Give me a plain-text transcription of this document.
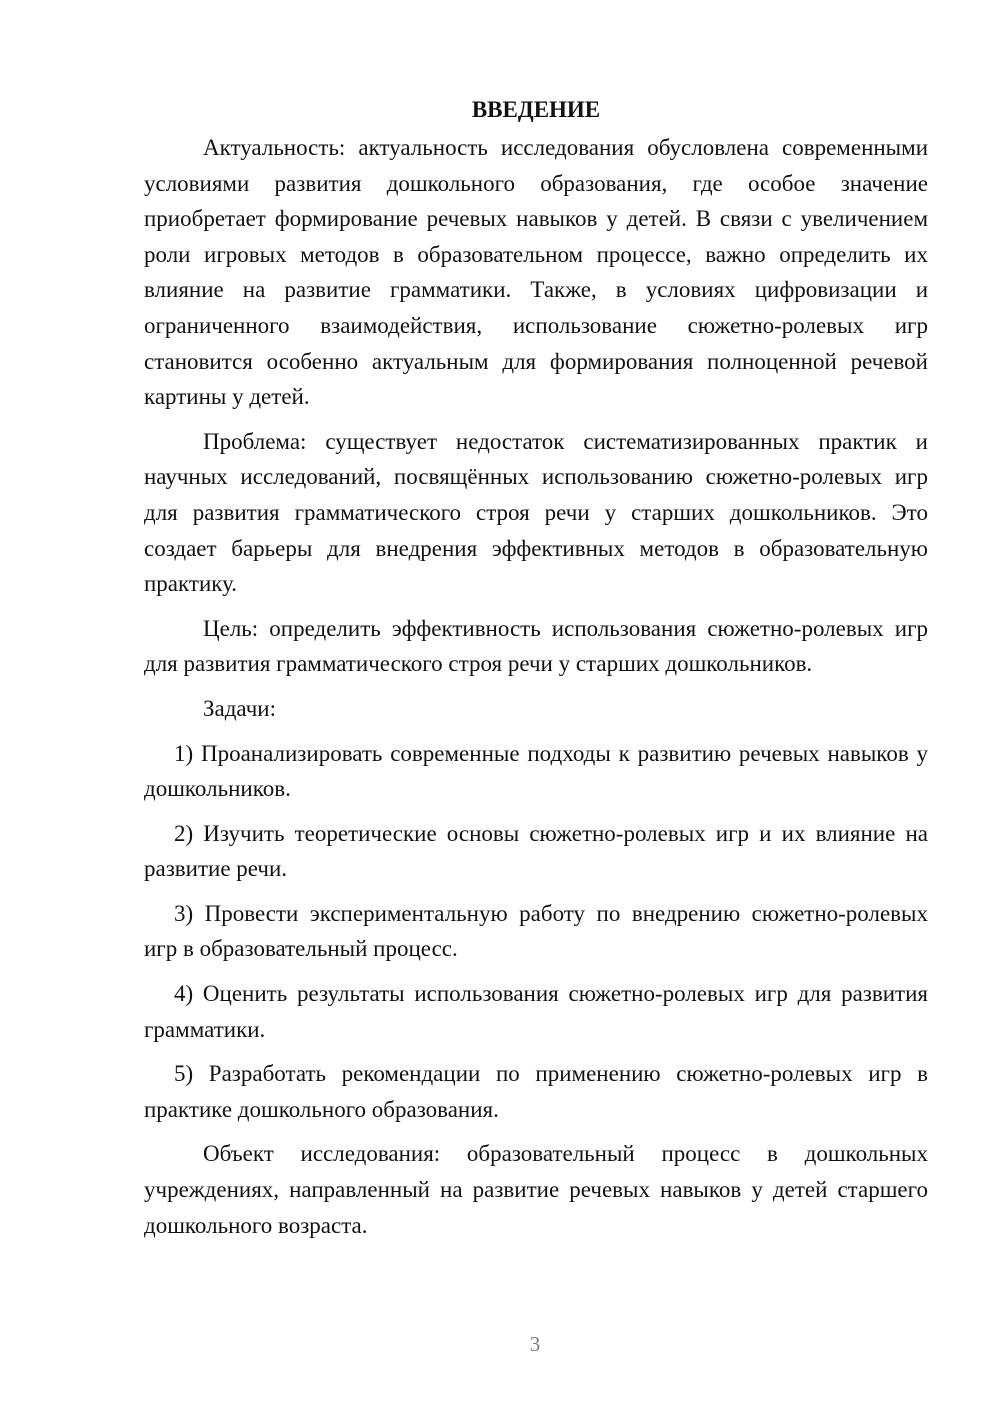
ВВЕДЕНИЕ

Актуальность: актуальность исследования обусловлена современными условиями развития дошкольного образования, где особое значение приобретает формирование речевых навыков у детей. В связи с увеличением роли игровых методов в образовательном процессе, важно определить их влияние на развитие грамматики. Также, в условиях цифровизации и ограниченного взаимодействия, использование сюжетно-ролевых игр становится особенно актуальным для формирования полноценной речевой картины у детей.

Проблема: существует недостаток систематизированных практик и научных исследований, посвящённых использованию сюжетно-ролевых игр для развития грамматического строя речи у старших дошкольников. Это создает барьеры для внедрения эффективных методов в образовательную практику.

Цель: определить эффективность использования сюжетно-ролевых игр для развития грамматического строя речи у старших дошкольников.

Задачи:

1) Проанализировать современные подходы к развитию речевых навыков у дошкольников.

2) Изучить теоретические основы сюжетно-ролевых игр и их влияние на развитие речи.

3) Провести экспериментальную работу по внедрению сюжетно-ролевых игр в образовательный процесс.

4) Оценить результаты использования сюжетно-ролевых игр для развития грамматики.

5) Разработать рекомендации по применению сюжетно-ролевых игр в практике дошкольного образования.

Объект исследования: образовательный процесс в дошкольных учреждениях, направленный на развитие речевых навыков у детей старшего дошкольного возраста.

3
